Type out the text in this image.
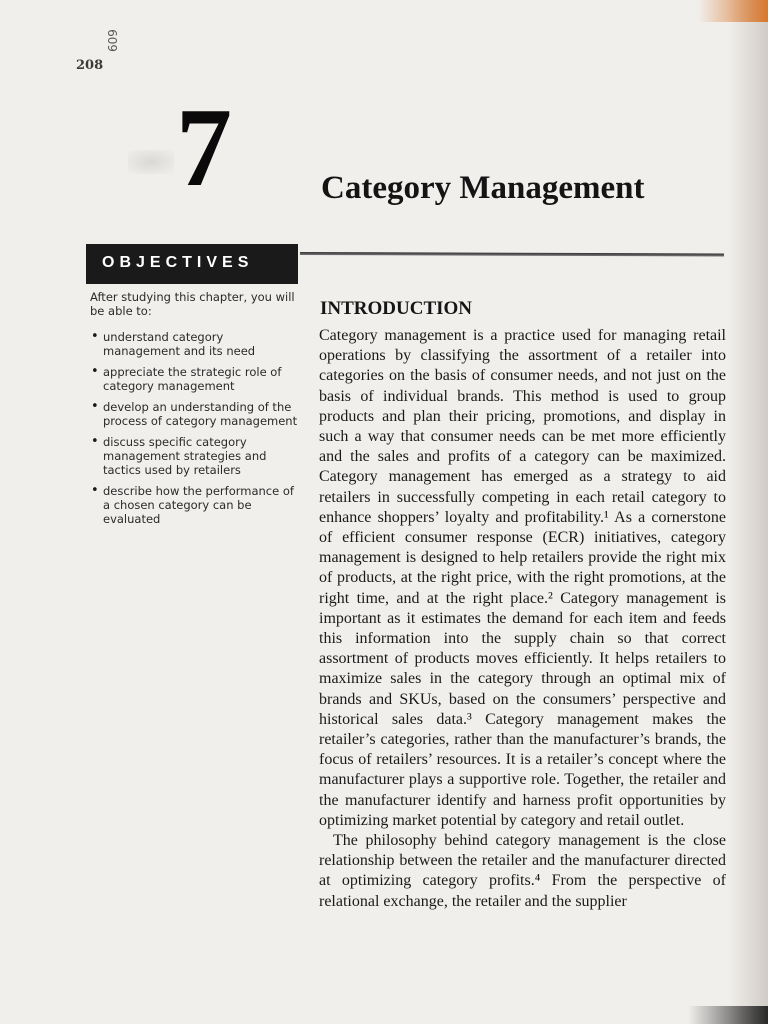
208
609
7	Category Management
OBJECTIVES
After studying this chapter, you will be able to:
• understand category management and its need
• appreciate the strategic role of category management
• develop an understanding of the process of category management
• discuss specific category management strategies and tactics used by retailers
• describe how the performance of a chosen category can be evaluated
INTRODUCTION

Category management is a practice used for managing retail operations by classifying the assortment of a retailer into categories on the basis of consumer needs, and not just on the basis of individual brands. This method is used to group products and plan their pricing, promotions, and display in such a way that consumer needs can be met more efficiently and the sales and profits of a category can be maximized. Category management has emerged as a strategy to aid retailers in successfully competing in each retail category to enhance shoppers’ loyalty and profitability.¹ As a cornerstone of efficient consumer response (ECR) initiatives, category management is designed to help retailers provide the right mix of products, at the right price, with the right promotions, at the right time, and at the right place.² Category management is important as it estimates the demand for each item and feeds this information into the supply chain so that correct assortment of products moves efficiently. It helps retailers to maximize sales in the category through an optimal mix of brands and SKUs, based on the consumers’ perspective and historical sales data.³ Category management makes the retailer’s categories, rather than the manufacturer’s brands, the focus of retailers’ resources. It is a retailer’s concept where the manufacturer plays a supportive role. Together, the retailer and the manufacturer identify and harness profit opportunities by optimizing market potential by category and retail outlet.

The philosophy behind category management is the close relationship between the retailer and the manufacturer directed at optimizing category profits.⁴ From the perspective of relational exchange, the retailer and the supplier
